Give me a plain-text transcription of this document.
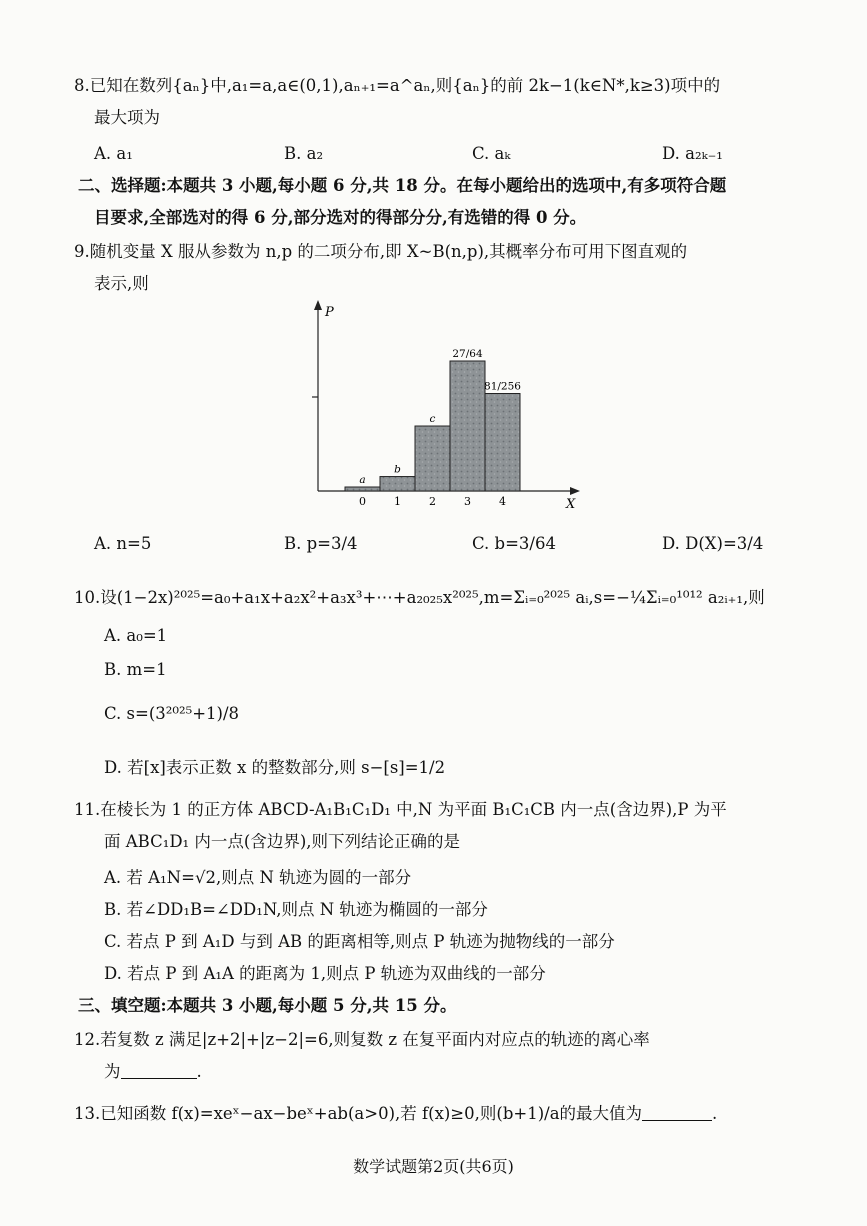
8.已知在数列{aₙ}中,a₁=a,a∈(0,1),aₙ₊₁=a^aₙ,则{aₙ}的前 2k−1(k∈N*,k≥3)项中的
最大项为
A. a₁	B. a₂	C. aₖ	D. a₂ₖ₋₁
二、选择题:本题共 3 小题,每小题 6 分,共 18 分。在每小题给出的选项中,有多项符合题
目要求,全部选对的得 6 分,部分选对的得部分分,有选错的得 0 分。
9.随机变量 X 服从参数为 n,p 的二项分布,即 X~B(n,p),其概率分布可用下图直观的
表示,则
P
X
0
a
1
b
2
c
3
27/64
4
81/256
A. n=5	B. p=3/4	C. b=3/64	D. D(X)=3/4
10.设(1−2x)²⁰²⁵=a₀+a₁x+a₂x²+a₃x³+⋯+a₂₀₂₅x²⁰²⁵,m=Σᵢ₌₀²⁰²⁵ aᵢ,s=−¼Σᵢ₌₀¹⁰¹² a₂ᵢ₊₁,则
A. a₀=1
B. m=1
C. s=(3²⁰²⁵+1)/8
D. 若[x]表示正数 x 的整数部分,则 s−[s]=1/2
11.在棱长为 1 的正方体 ABCD-A₁B₁C₁D₁ 中,N 为平面 B₁C₁CB 内一点(含边界),P 为平
面 ABC₁D₁ 内一点(含边界),则下列结论正确的是
A. 若 A₁N=√2,则点 N 轨迹为圆的一部分
B. 若∠DD₁B=∠DD₁N,则点 N 轨迹为椭圆的一部分
C. 若点 P 到 A₁D 与到 AB 的距离相等,则点 P 轨迹为抛物线的一部分
D. 若点 P 到 A₁A 的距离为 1,则点 P 轨迹为双曲线的一部分
三、填空题:本题共 3 小题,每小题 5 分,共 15 分。
12.若复数 z 满足|z+2|+|z−2|=6,则复数 z 在复平面内对应点的轨迹的离心率
为	.
13.已知函数 f(x)=xeˣ−ax−beˣ+ab(a>0),若 f(x)≥0,则(b+1)/a的最大值为	.
数学试题第2页(共6页)
